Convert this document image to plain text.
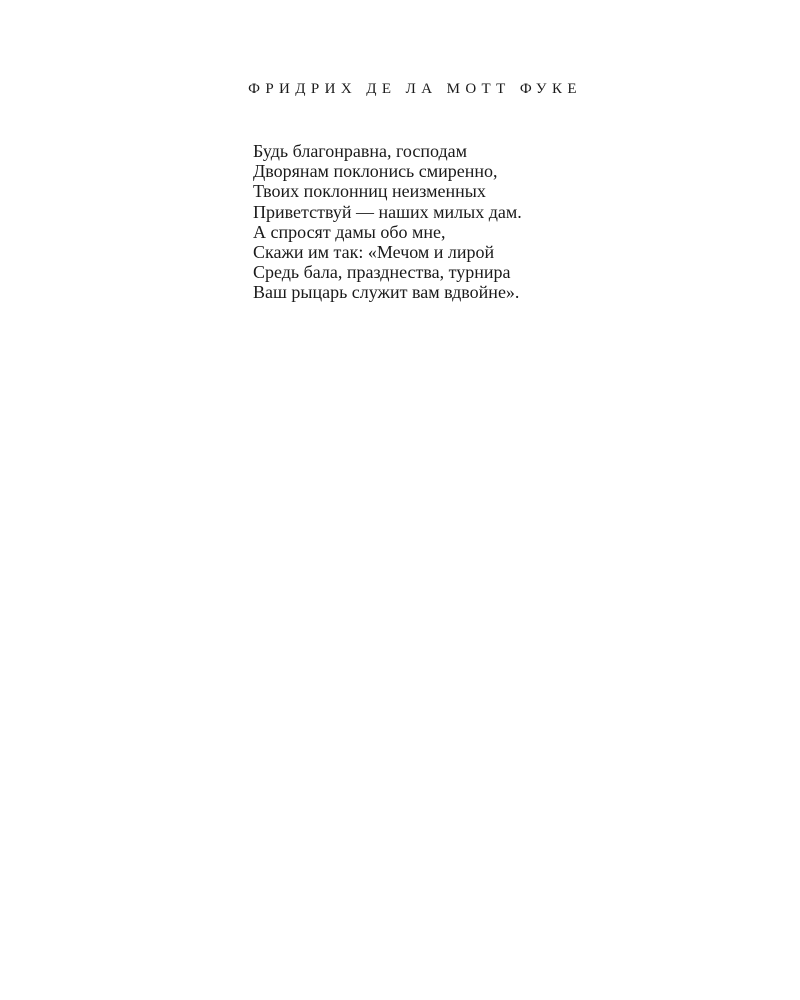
ФРИДРИХ ДЕ ЛА МОТТ ФУКЕ
Будь благонравна, господам
Дворянам поклонись смиренно,
Твоих поклонниц неизменных
Приветствуй — наших милых дам.
А спросят дамы обо мне,
Скажи им так: «Мечом и лирой
Средь бала, празднества, турнира
Ваш рыцарь служит вам вдвойне».
